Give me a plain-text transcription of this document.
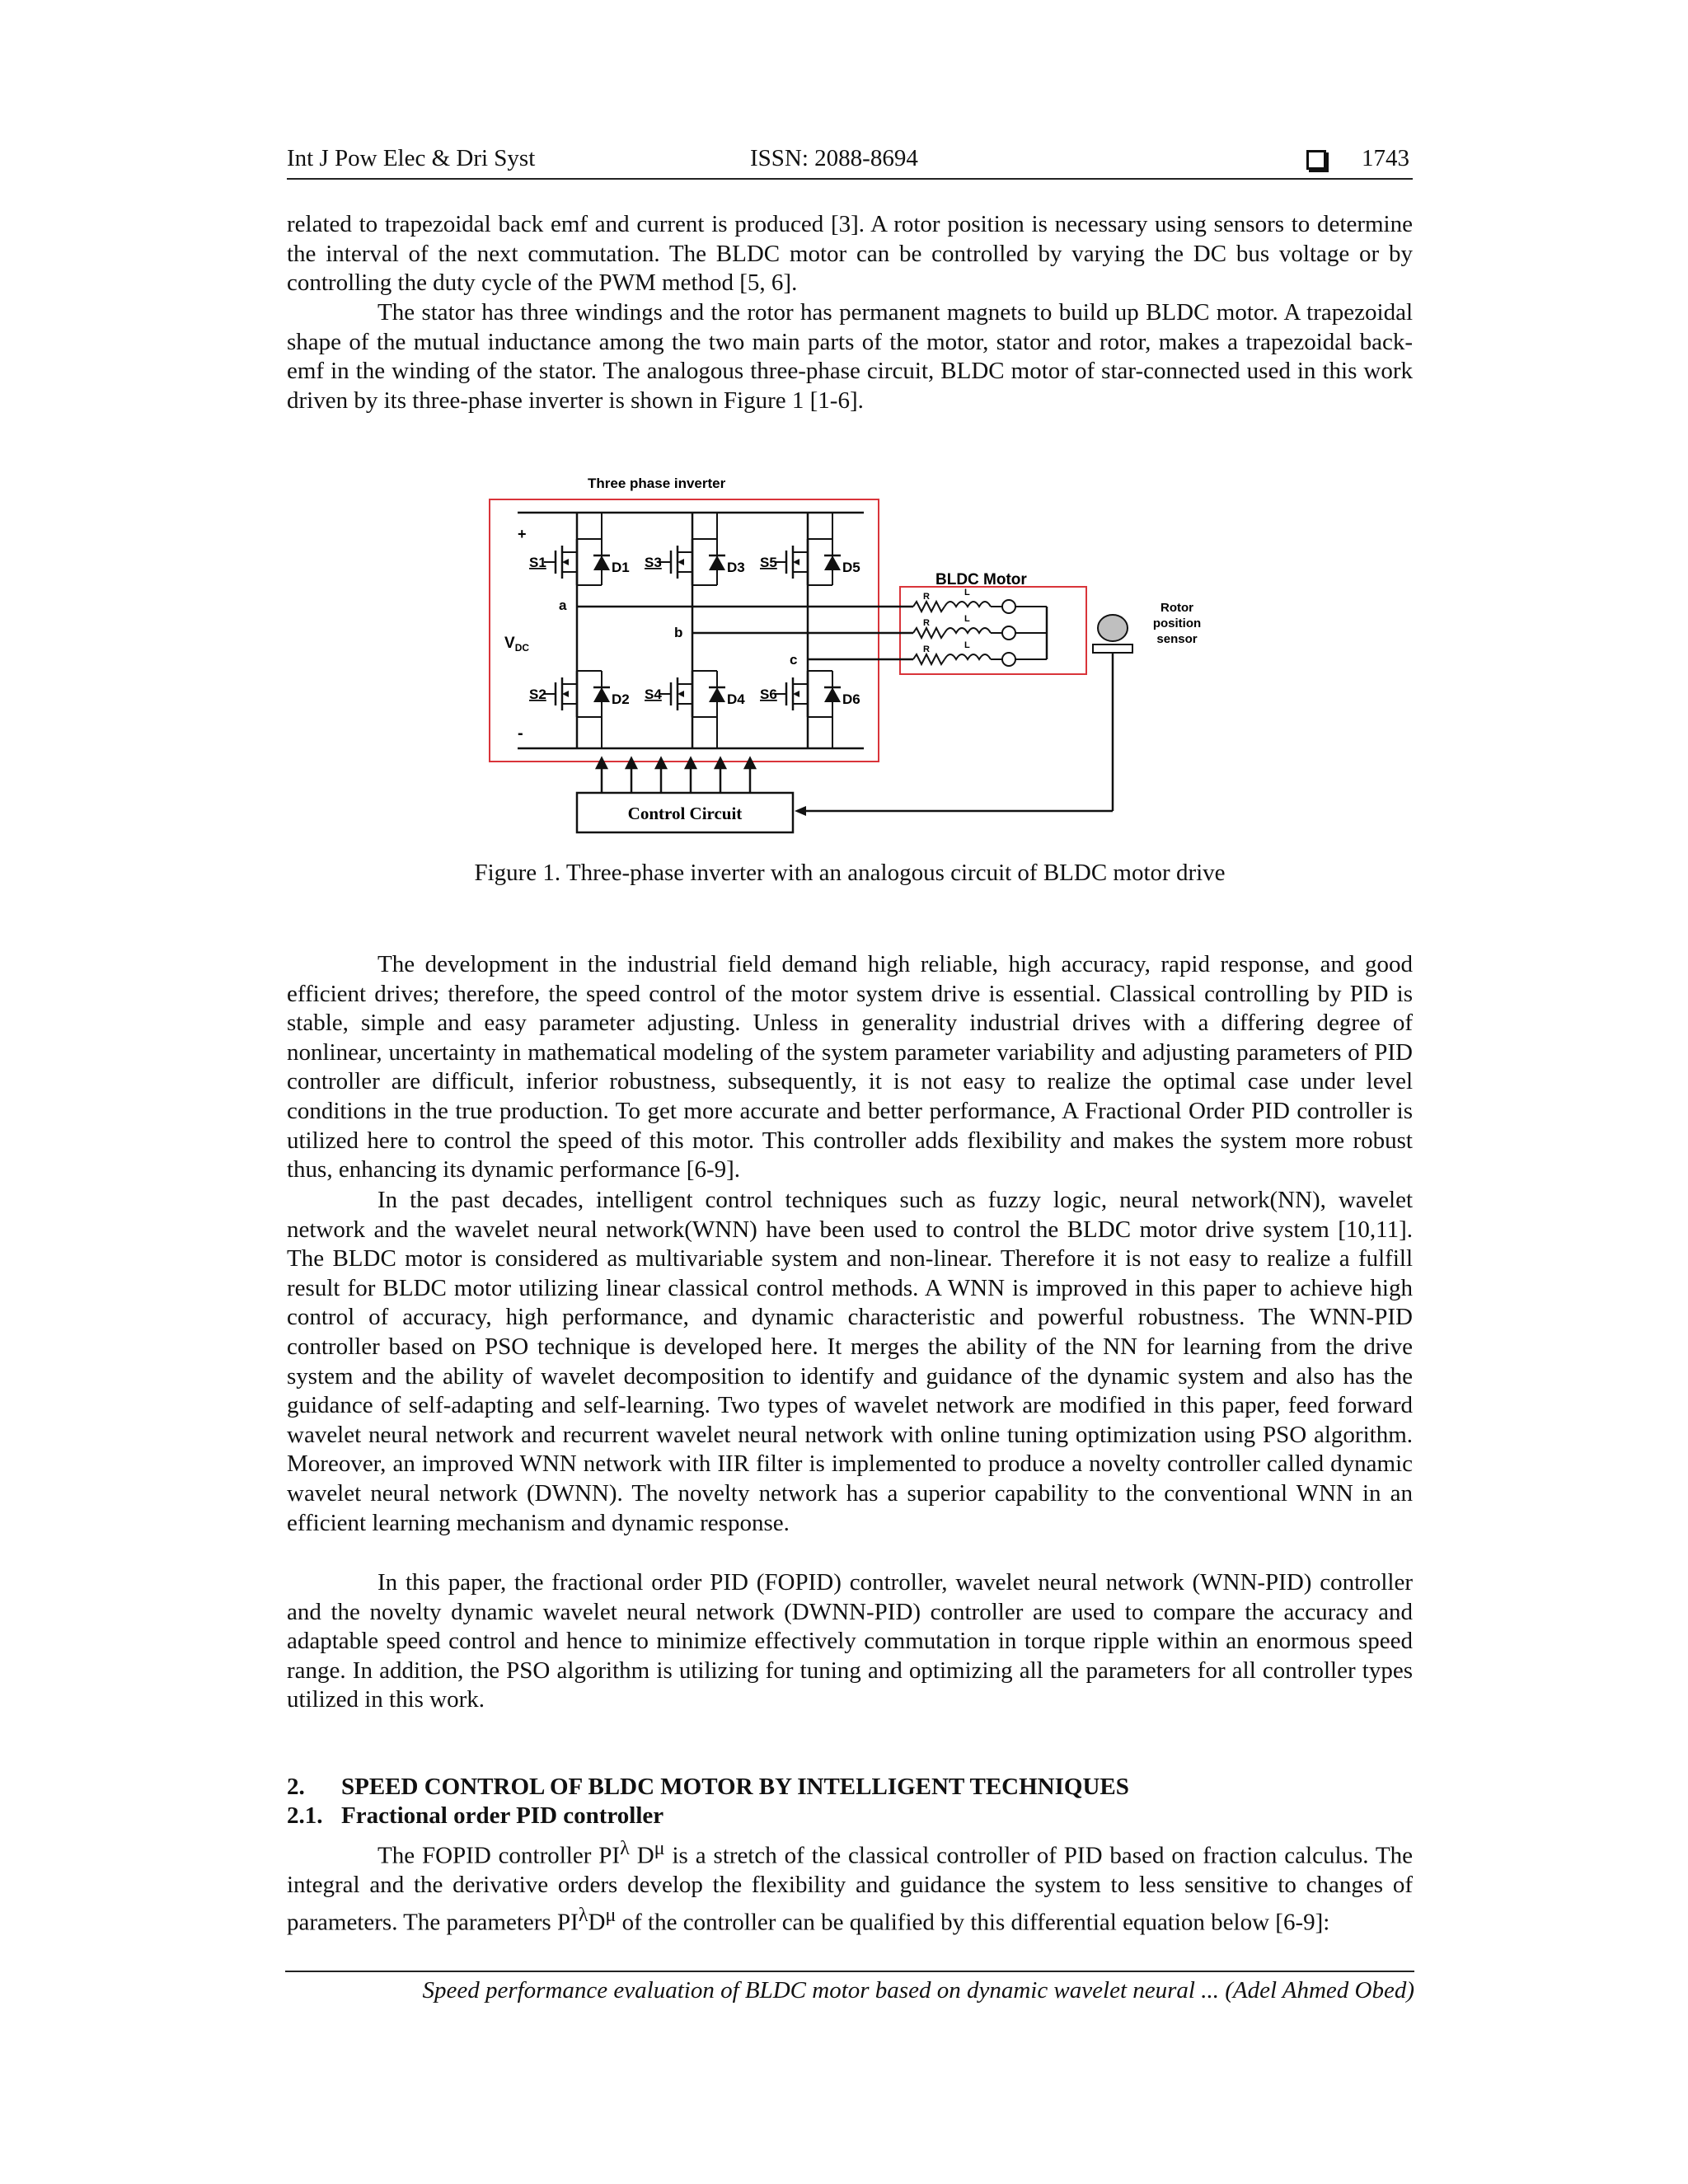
Int J Pow Elec & Dri Syst	ISSN: 2088-8694	1743

related to trapezoidal back emf and current is produced [3]. A rotor position is necessary using sensors to determine the interval of the next commutation. The BLDC motor can be controlled by varying the DC bus voltage or by controlling the duty cycle of the PWM method [5, 6].

The stator has three windings and the rotor has permanent magnets to build up BLDC motor. A trapezoidal shape of the mutual inductance among the two main parts of the motor, stator and rotor, makes a trapezoidal back-emf in the winding of the stator. The analogous three-phase circuit, BLDC motor of star-connected used in this work driven by its three-phase inverter is shown in Figure 1 [1-6].

Three phase inverter
BLDC Motor
+
-
$V_{DC}$
S1	S3	S5
S2	S4	S6
D1	D3	D5
D2	D4	D6
a
b
c
R
R
R
L
L
L
Rotor
position
sensor
Control Circuit

Figure 1. Three-phase inverter with an analogous circuit of BLDC motor drive

The development in the industrial field demand high reliable, high accuracy, rapid response, and good efficient drives; therefore, the speed control of the motor system drive is essential. Classical controlling by PID is stable, simple and easy parameter adjusting. Unless in generality industrial drives with a differing degree of nonlinear, uncertainty in mathematical modeling of the system parameter variability and adjusting parameters of PID controller are difficult, inferior robustness, subsequently, it is not easy to realize the optimal case under level conditions in the true production. To get more accurate and better performance, A Fractional Order PID controller is utilized here to control the speed of this motor. This controller adds flexibility and makes the system more robust thus, enhancing its dynamic performance [6-9].

In the past decades, intelligent control techniques such as fuzzy logic, neural network(NN), wavelet network and the wavelet neural network(WNN) have been used to control the BLDC motor drive system [10,11]. The BLDC motor is considered as multivariable system and non-linear. Therefore it is not easy to realize a fulfill result for BLDC motor utilizing linear classical control methods. A WNN is improved in this paper to achieve high control of accuracy, high performance, and dynamic characteristic and powerful robustness. The WNN-PID controller based on PSO technique is developed here. It merges the ability of the NN for learning from the drive system and the ability of wavelet decomposition to identify and guidance of the dynamic system and also has the guidance of self-adapting and self-learning. Two types of wavelet network are modified in this paper, feed forward wavelet neural network and recurrent wavelet neural network with online tuning optimization using PSO algorithm. Moreover, an improved WNN network with IIR filter is implemented to produce a novelty controller called dynamic wavelet neural network (DWNN). The novelty network has a superior capability to the conventional WNN in an efficient learning mechanism and dynamic response.

In this paper, the fractional order PID (FOPID) controller, wavelet neural network (WNN-PID) controller and the novelty dynamic wavelet neural network (DWNN-PID) controller are used to compare the accuracy and adaptable speed control and hence to minimize effectively commutation in torque ripple within an enormous speed range. In addition, the PSO algorithm is utilizing for tuning and optimizing all the parameters for all controller types utilized in this work.

2. SPEED CONTROL OF BLDC MOTOR BY INTELLIGENT TECHNIQUES

2.1. Fractional order PID controller

The FOPID controller $PI^\lambda$ $D^\mu$ is a stretch of the classical controller of PID based on fraction calculus. The integral and the derivative orders develop the flexibility and guidance the system to less sensitive to changes of parameters. The parameters $PI^\lambda D^\mu$ of the controller can be qualified by this differential equation below [6-9]:

Speed performance evaluation of BLDC motor based on dynamic wavelet neural ... (Adel Ahmed Obed)
